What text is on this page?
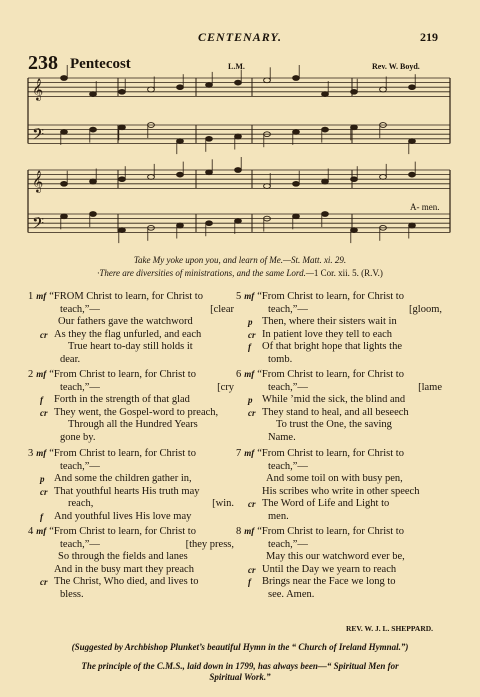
CENTENARY.	219
238 Pentecost	L.M.	Rev. W. Boyd.
𝄞
𝄢
𝄞
𝄢
A- men.
Take My yoke upon you, and learn of Me.—St. Matt. xi. 29.
·There are diversities of ministrations, and the same Lord.—1 Cor. xii. 5. (R.V.)
1 mf “FROM Christ to learn, for Christ to
teach,”—	[clear
Our fathers gave the watchword
cr As they the flag unfurled, and each
True heart to-day still holds it
dear.
2 mf “From Christ to learn, for Christ to
teach,”—	[cry
f Forth in the strength of that glad
cr They went, the Gospel-word to preach,
Through all the Hundred Years
gone by.
3 mf “From Christ to learn, for Christ to
teach,”—
p And some the children gather in,
cr That youthful hearts His truth may
reach,	[win.
f And youthful lives His love may
4 mf “From Christ to learn, for Christ to
teach,”—	[they press,
So through the fields and lanes
And in the busy mart they preach
cr The Christ, Who died, and lives to
bless.
5 mf “From Christ to learn, for Christ to
teach,”—	[gloom,
p Then, where their sisters wait in
cr In patient love they tell to each
f Of that bright hope that lights the
tomb.
6 mf “From Christ to learn, for Christ to
teach,”—	[lame
p While ’mid the sick, the blind and
cr They stand to heal, and all beseech
To trust the One, the saving
Name.
7 mf “From Christ to learn, for Christ to
teach,”—
And some toil on with busy pen,
His scribes who write in other speech
cr The Word of Life and Light to
men.
8 mf “From Christ to learn, for Christ to
teach,”—
May this our watchword ever be,
cr Until the Day we yearn to reach
f Brings near the Face we long to
see. Amen.
REV. W. J. L. SHEPPARD.
(Suggested by Archbishop Plunket’s beautiful Hymn in the “ Church of Ireland Hymnal.”)
The principle of the C.M.S., laid down in 1799, has always been—“ Spiritual Men for
Spiritual Work.”
